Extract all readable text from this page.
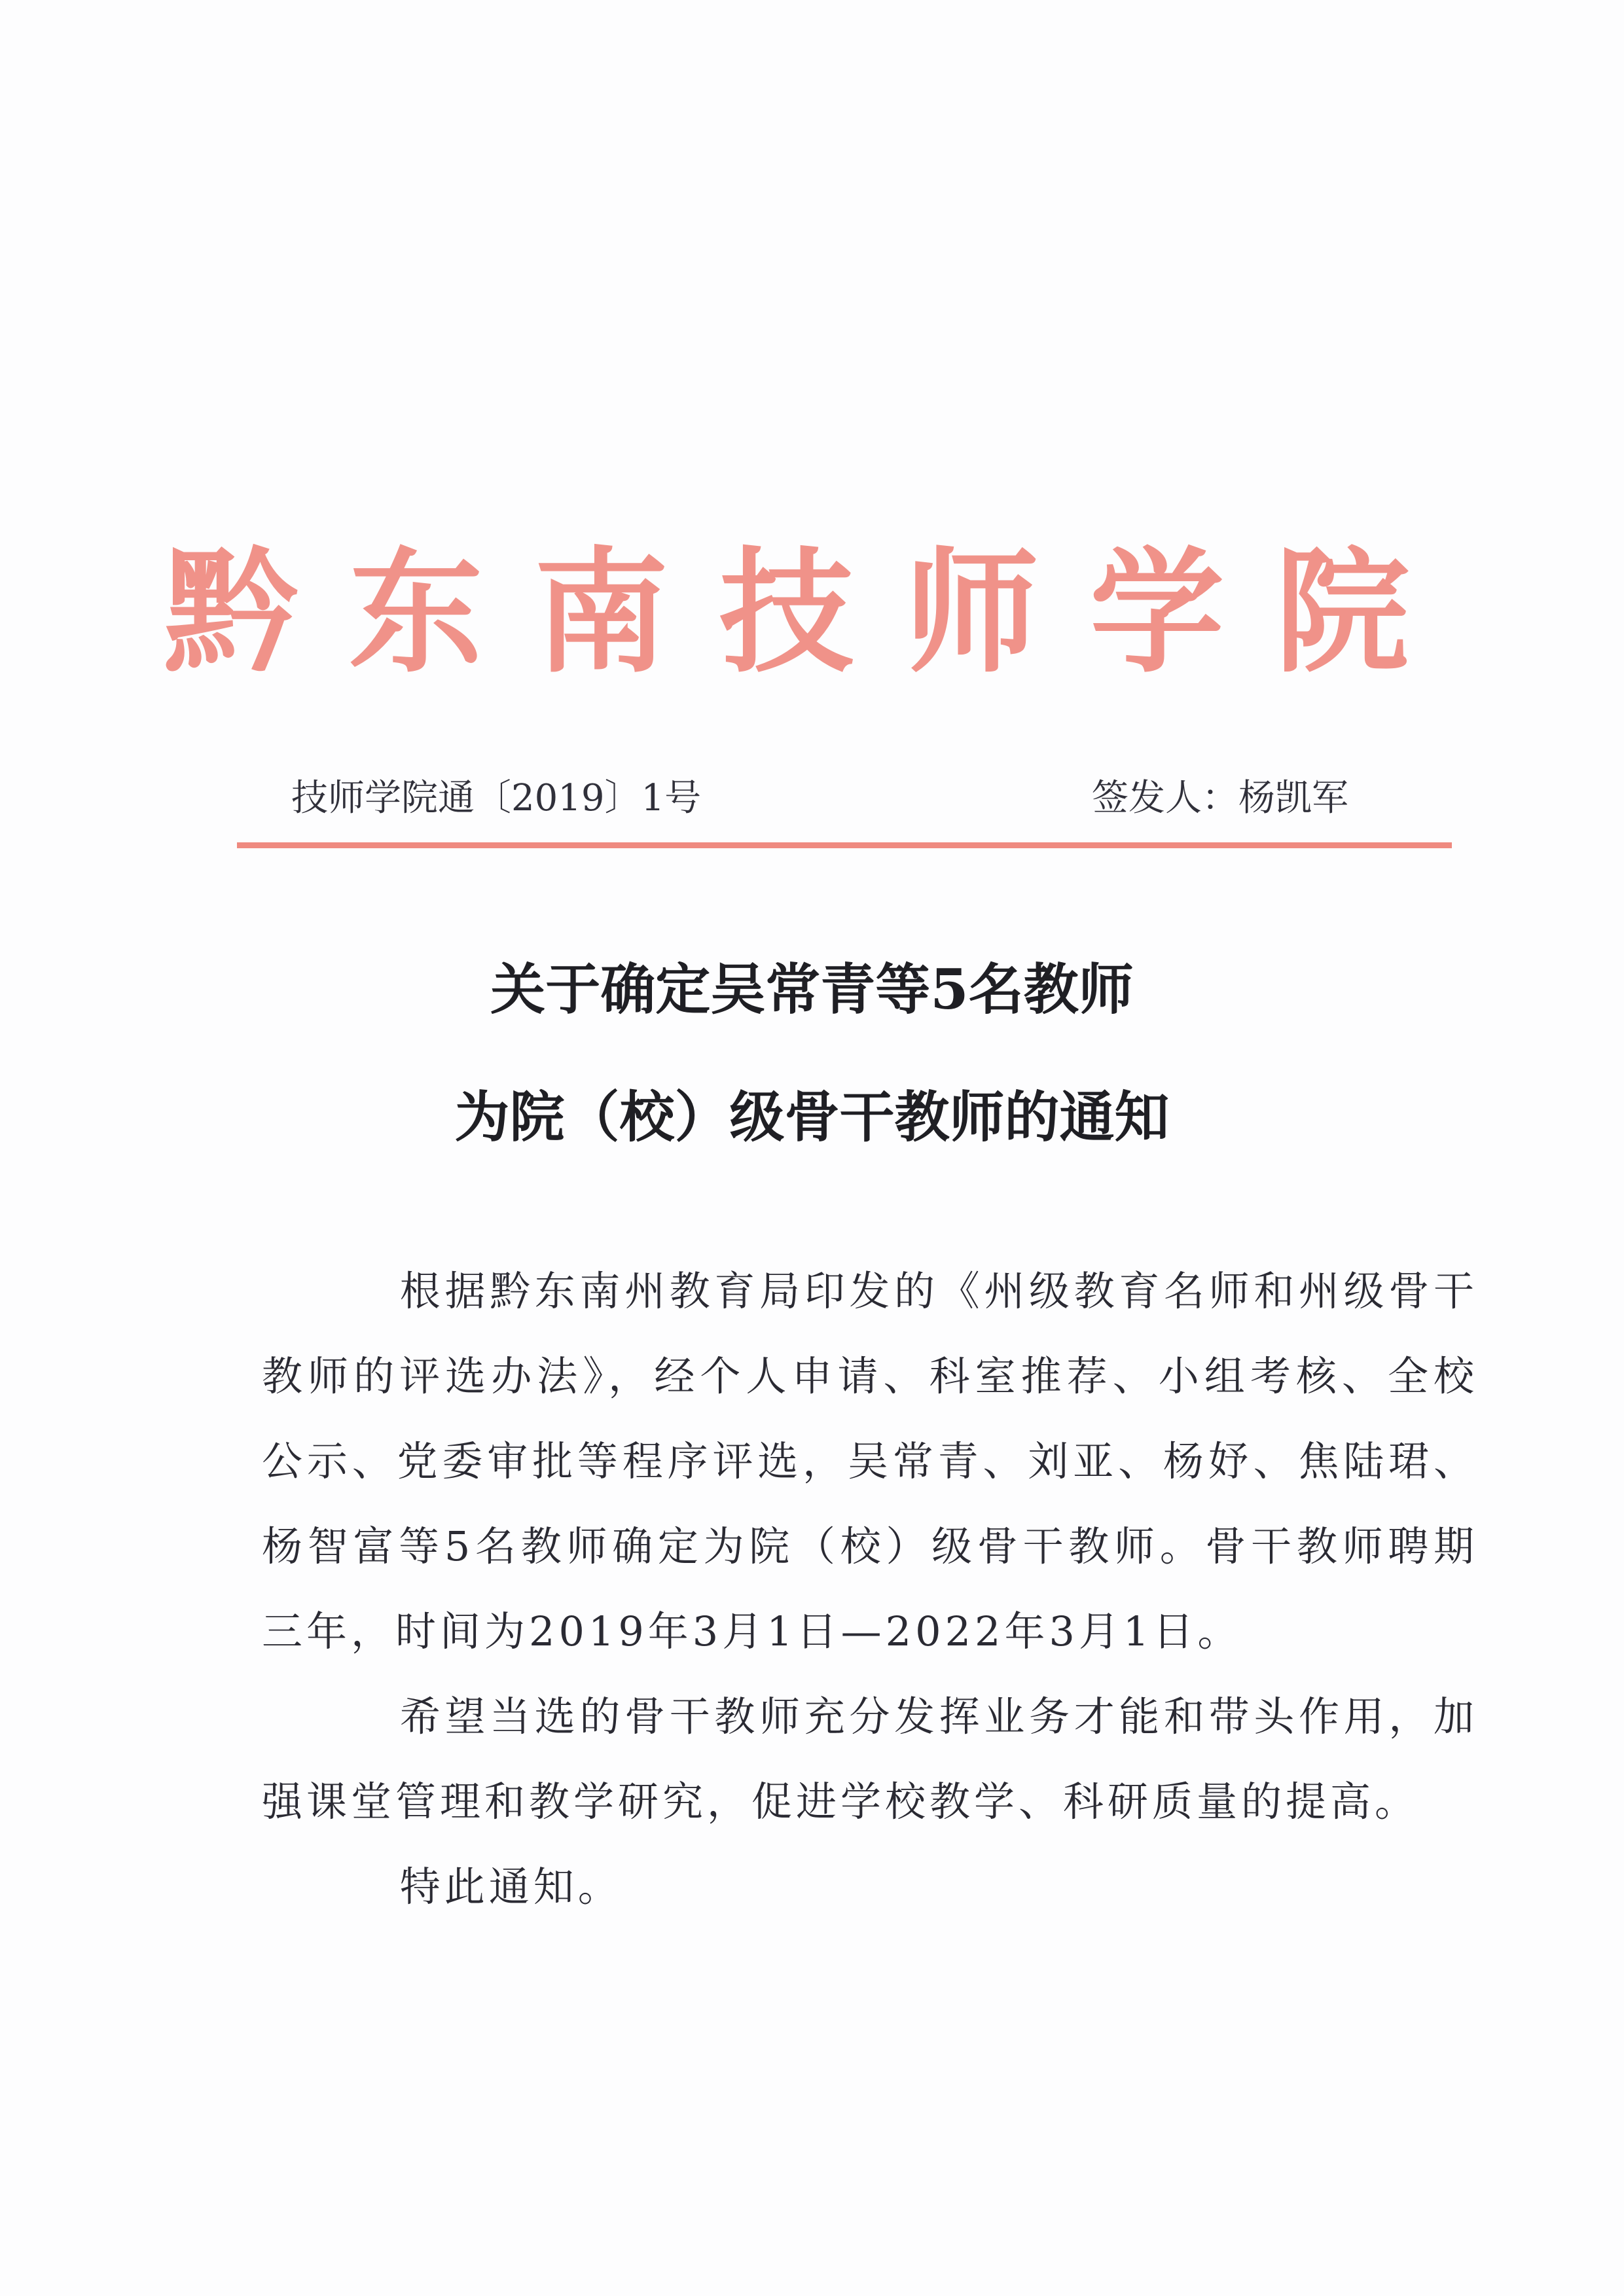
黔东南技师学院
技师学院通〔2019〕1号	签发人：杨凯军
关于确定吴常青等5名教师
为院（校）级骨干教师的通知

根据黔东南州教育局印发的《州级教育名师和州级骨干教师的评选办法》，经个人申请、科室推荐、小组考核、全校公示、党委审批等程序评选，吴常青、刘亚、杨妤、焦陆珺、杨智富等5名教师确定为院（校）级骨干教师。骨干教师聘期三年，时间为2019年3月1日—2022年3月1日。

希望当选的骨干教师充分发挥业务才能和带头作用，加强课堂管理和教学研究，促进学校教学、科研质量的提高。

特此通知。
